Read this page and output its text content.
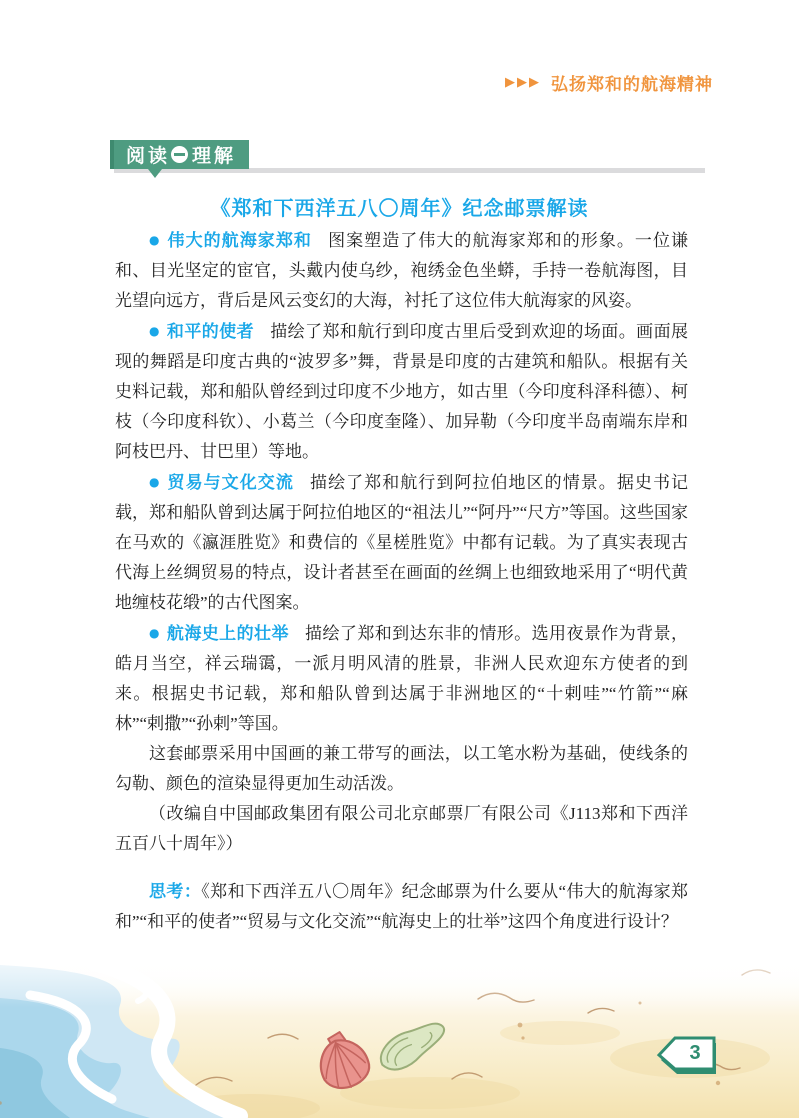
▶▶▶ 弘扬郑和的航海精神
阅读 理解
《郑和下西洋五八〇周年》纪念邮票解读

● 伟大的航海家郑和 图案塑造了伟大的航海家郑和的形象。一位谦和、目光坚定的宦官，头戴内使乌纱，袍绣金色坐蟒，手持一卷航海图，目光望向远方，背后是风云变幻的大海，衬托了这位伟大航海家的风姿。

● 和平的使者 描绘了郑和航行到印度古里后受到欢迎的场面。画面展现的舞蹈是印度古典的“波罗多”舞，背景是印度的古建筑和船队。根据有关史料记载，郑和船队曾经到过印度不少地方，如古里（今印度科泽科德）、柯枝（今印度科钦）、小葛兰（今印度奎隆）、加异勒（今印度半岛南端东岸和阿枝巴丹、甘巴里）等地。

● 贸易与文化交流 描绘了郑和航行到阿拉伯地区的情景。据史书记载，郑和船队曾到达属于阿拉伯地区的“祖法儿”“阿丹”“尺方”等国。这些国家在马欢的《瀛涯胜览》和费信的《星槎胜览》中都有记载。为了真实表现古代海上丝绸贸易的特点，设计者甚至在画面的丝绸上也细致地采用了“明代黄地缠枝花缎”的古代图案。

● 航海史上的壮举 描绘了郑和到达东非的情形。选用夜景作为背景，皓月当空，祥云瑞霭，一派月明风清的胜景，非洲人民欢迎东方使者的到来。根据史书记载，郑和船队曾到达属于非洲地区的“十剌哇”“竹箭”“麻林”“剌撒”“孙剌”等国。

这套邮票采用中国画的兼工带写的画法，以工笔水粉为基础，使线条的勾勒、颜色的渲染显得更加生动活泼。

（改编自中国邮政集团有限公司北京邮票厂有限公司《J113郑和下西洋五百八十周年》）

思考：《郑和下西洋五八〇周年》纪念邮票为什么要从“伟大的航海家郑和”“和平的使者”“贸易与文化交流”“航海史上的壮举”这四个角度进行设计？

3
